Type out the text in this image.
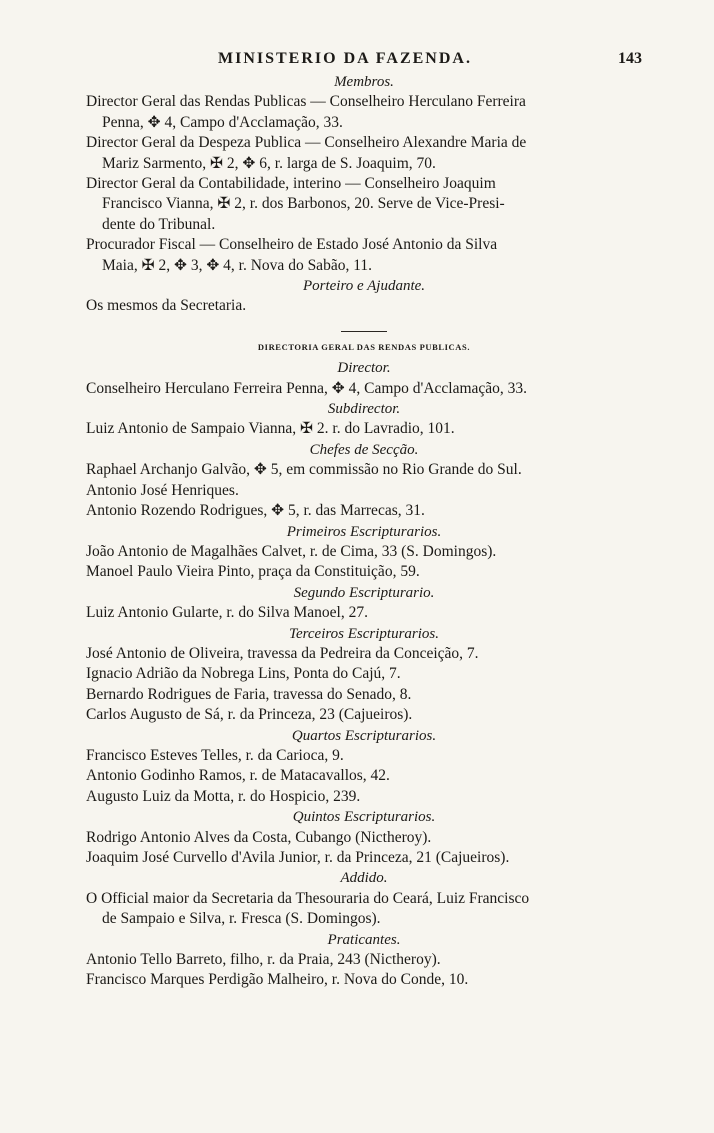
MINISTERIO DA FAZENDA.	143
Membros.
Director Geral das Rendas Publicas — Conselheiro Herculano Ferreira
Penna, ✥ 4, Campo d'Acclamação, 33.
Director Geral da Despeza Publica — Conselheiro Alexandre Maria de
Mariz Sarmento, ✠ 2, ✥ 6, r. larga de S. Joaquim, 70.
Director Geral da Contabilidade, interino — Conselheiro Joaquim
Francisco Vianna, ✠ 2, r. dos Barbonos, 20. Serve de Vice-Presi-
dente do Tribunal.
Procurador Fiscal — Conselheiro de Estado José Antonio da Silva
Maia, ✠ 2, ✥ 3, ✥ 4, r. Nova do Sabão, 11.
Porteiro e Ajudante.
Os mesmos da Secretaria.
DIRECTORIA GERAL DAS RENDAS PUBLICAS.
Director.
Conselheiro Herculano Ferreira Penna, ✥ 4, Campo d'Acclamação, 33.
Subdirector.
Luiz Antonio de Sampaio Vianna, ✠ 2. r. do Lavradio, 101.
Chefes de Secção.
Raphael Archanjo Galvão, ✥ 5, em commissão no Rio Grande do Sul.
Antonio José Henriques.
Antonio Rozendo Rodrigues, ✥ 5, r. das Marrecas, 31.
Primeiros Escripturarios.
João Antonio de Magalhães Calvet, r. de Cima, 33 (S. Domingos).
Manoel Paulo Vieira Pinto, praça da Constituição, 59.
Segundo Escripturario.
Luiz Antonio Gularte, r. do Silva Manoel, 27.
Terceiros Escripturarios.
José Antonio de Oliveira, travessa da Pedreira da Conceição, 7.
Ignacio Adrião da Nobrega Lins, Ponta do Cajú, 7.
Bernardo Rodrigues de Faria, travessa do Senado, 8.
Carlos Augusto de Sá, r. da Princeza, 23 (Cajueiros).
Quartos Escripturarios.
Francisco Esteves Telles, r. da Carioca, 9.
Antonio Godinho Ramos, r. de Matacavallos, 42.
Augusto Luiz da Motta, r. do Hospicio, 239.
Quintos Escripturarios.
Rodrigo Antonio Alves da Costa, Cubango (Nictheroy).
Joaquim José Curvello d'Avila Junior, r. da Princeza, 21 (Cajueiros).
Addido.
O Official maior da Secretaria da Thesouraria do Ceará, Luiz Francisco
de Sampaio e Silva, r. Fresca (S. Domingos).
Praticantes.
Antonio Tello Barreto, filho, r. da Praia, 243 (Nictheroy).
Francisco Marques Perdigão Malheiro, r. Nova do Conde, 10.
